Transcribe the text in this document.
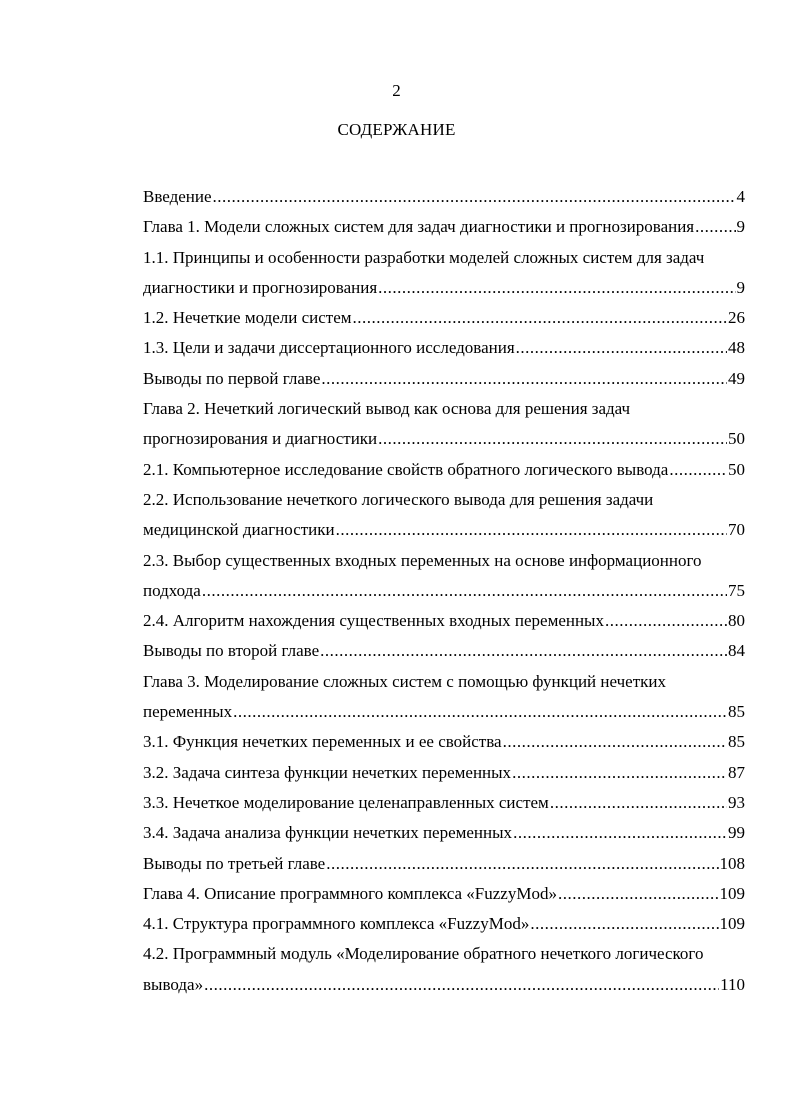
2
СОДЕРЖАНИЕ
Введение .....	4
Глава 1. Модели сложных систем для задач диагностики и прогнозирования ..... 9
1.1. Принципы и особенности разработки моделей сложных систем для задач
диагностики и прогнозирования .....	9
1.2. Нечеткие модели систем .....	26
1.3. Цели и задачи диссертационного исследования .....	48
Выводы по первой главе .....	49
Глава 2. Нечеткий логический вывод как основа для решения задач
прогнозирования и диагностики .....	50
2.1. Компьютерное исследование свойств обратного логического вывода .....	50
2.2. Использование нечеткого логического вывода для решения задачи
медицинской диагностики .....	70
2.3. Выбор существенных входных переменных на основе информационного
подхода .....	75
2.4. Алгоритм нахождения существенных входных переменных .....	80
Выводы по второй главе .....	84
Глава 3. Моделирование сложных систем с помощью функций нечетких
переменных .....	85
3.1. Функция нечетких переменных и ее свойства .....	85
3.2. Задача синтеза функции нечетких переменных .....	87
3.3. Нечеткое моделирование целенаправленных систем .....	93
3.4. Задача анализа функции нечетких переменных .....	99
Выводы по третьей главе .....	108
Глава 4. Описание программного комплекса «FuzzyMod» .....	109
4.1. Структура программного комплекса «FuzzyMod» .....	109
4.2. Программный модуль «Моделирование обратного нечеткого логического
вывода» .....	110
